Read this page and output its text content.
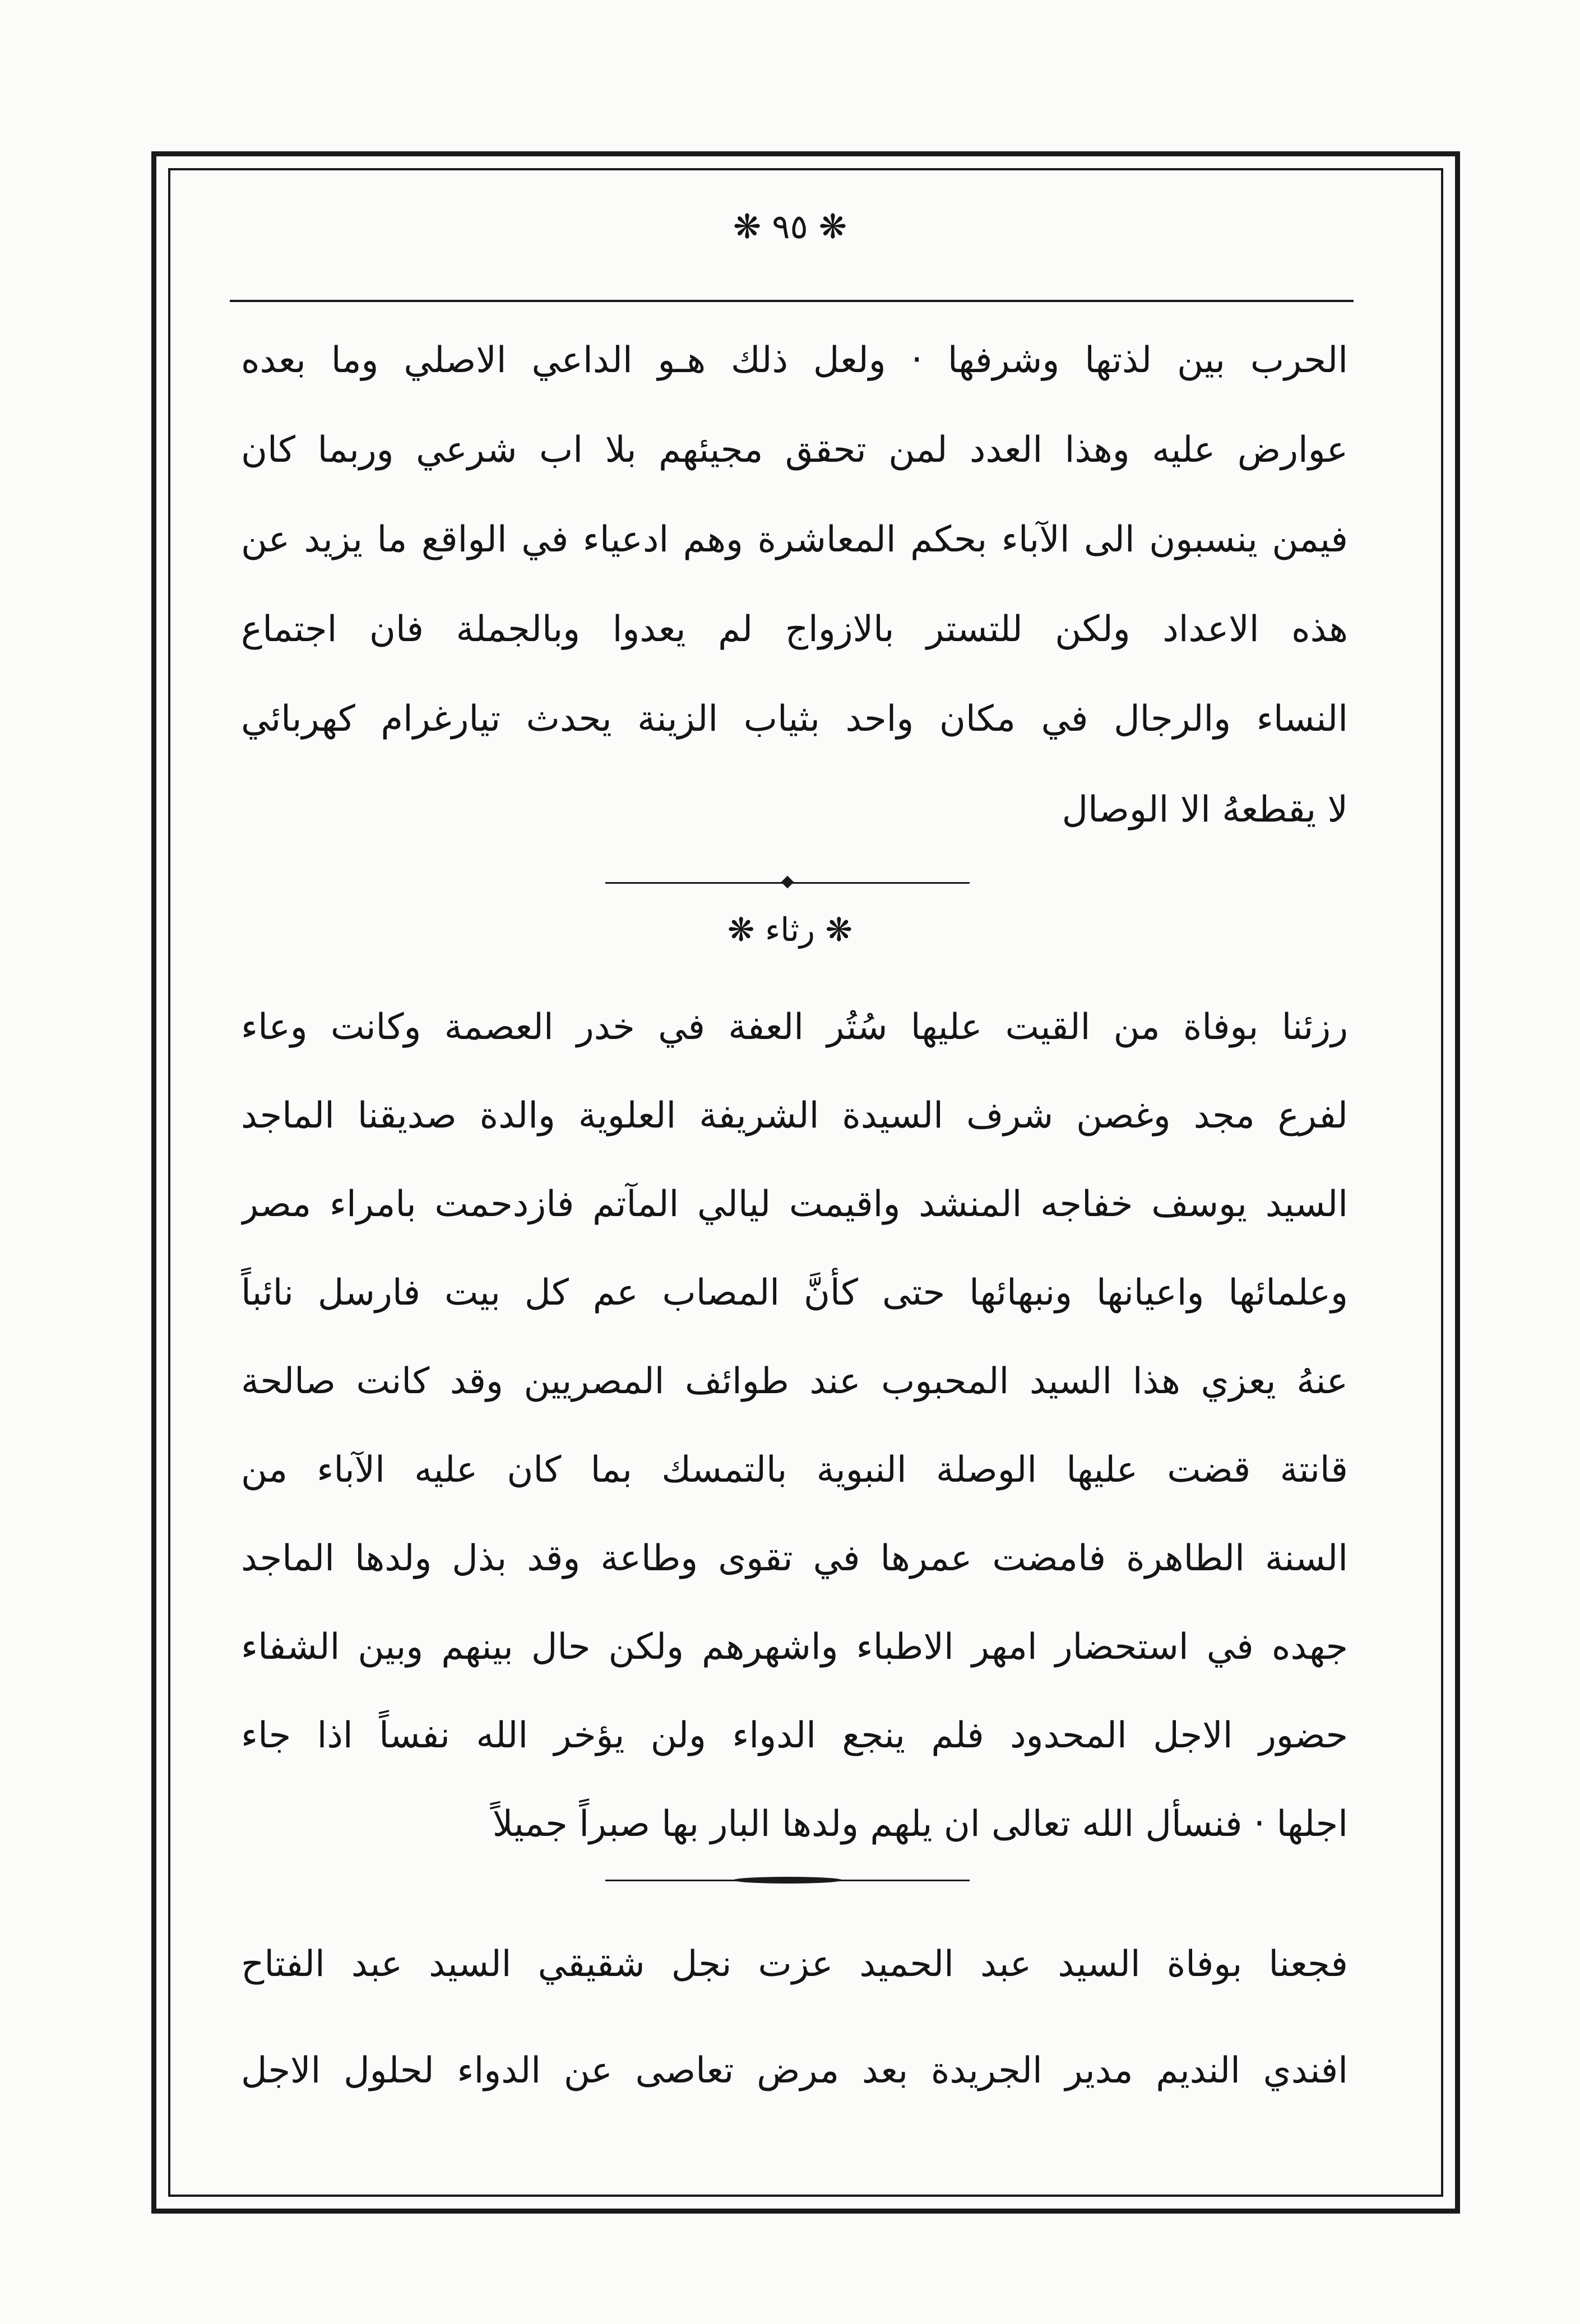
❋ ٩٥ ❋
الحرب بين لذتها وشرفها · ولعل ذلك هـو الداعي الاصلي وما بعده
عوارض عليه وهذا العدد لمن تحقق مجيئهم بلا اب شرعي وربما كان
فيمن ينسبون الى الآباء بحكم المعاشرة وهم ادعياء في الواقع ما يزيد عن
هذه الاعداد ولكن للتستر بالازواج لم يعدوا وبالجملة فان اجتماع
النساء والرجال في مكان واحد بثياب الزينة يحدث تيارغرام كهربائي
لا يقطعهُ الا الوصال
❋ رثاء ❋
رزئنا بوفاة من القيت عليها سُتُر العفة في خدر العصمة وكانت وعاء
لفرع مجد وغصن شرف السيدة الشريفة العلوية والدة صديقنا الماجد
السيد يوسف خفاجه المنشد واقيمت ليالي المآتم فازدحمت بامراء مصر
وعلمائها واعيانها ونبهائها حتى كأنَّ المصاب عم كل بيت فارسل نائباً
عنهُ يعزي هذا السيد المحبوب عند طوائف المصريين وقد كانت صالحة
قانتة قضت عليها الوصلة النبوية بالتمسك بما كان عليه الآباء من
السنة الطاهرة فامضت عمرها في تقوى وطاعة وقد بذل ولدها الماجد
جهده في استحضار امهر الاطباء واشهرهم ولكن حال بينهم وبين الشفاء
حضور الاجل المحدود فلم ينجع الدواء ولن يؤخر الله نفساً اذا جاء
اجلها · فنسأل الله تعالى ان يلهم ولدها البار بها صبراً جميلاً
فجعنا بوفاة السيد عبد الحميد عزت نجل شقيقي السيد عبد الفتاح
افندي النديم مدير الجريدة بعد مرض تعاصى عن الدواء لحلول الاجل
